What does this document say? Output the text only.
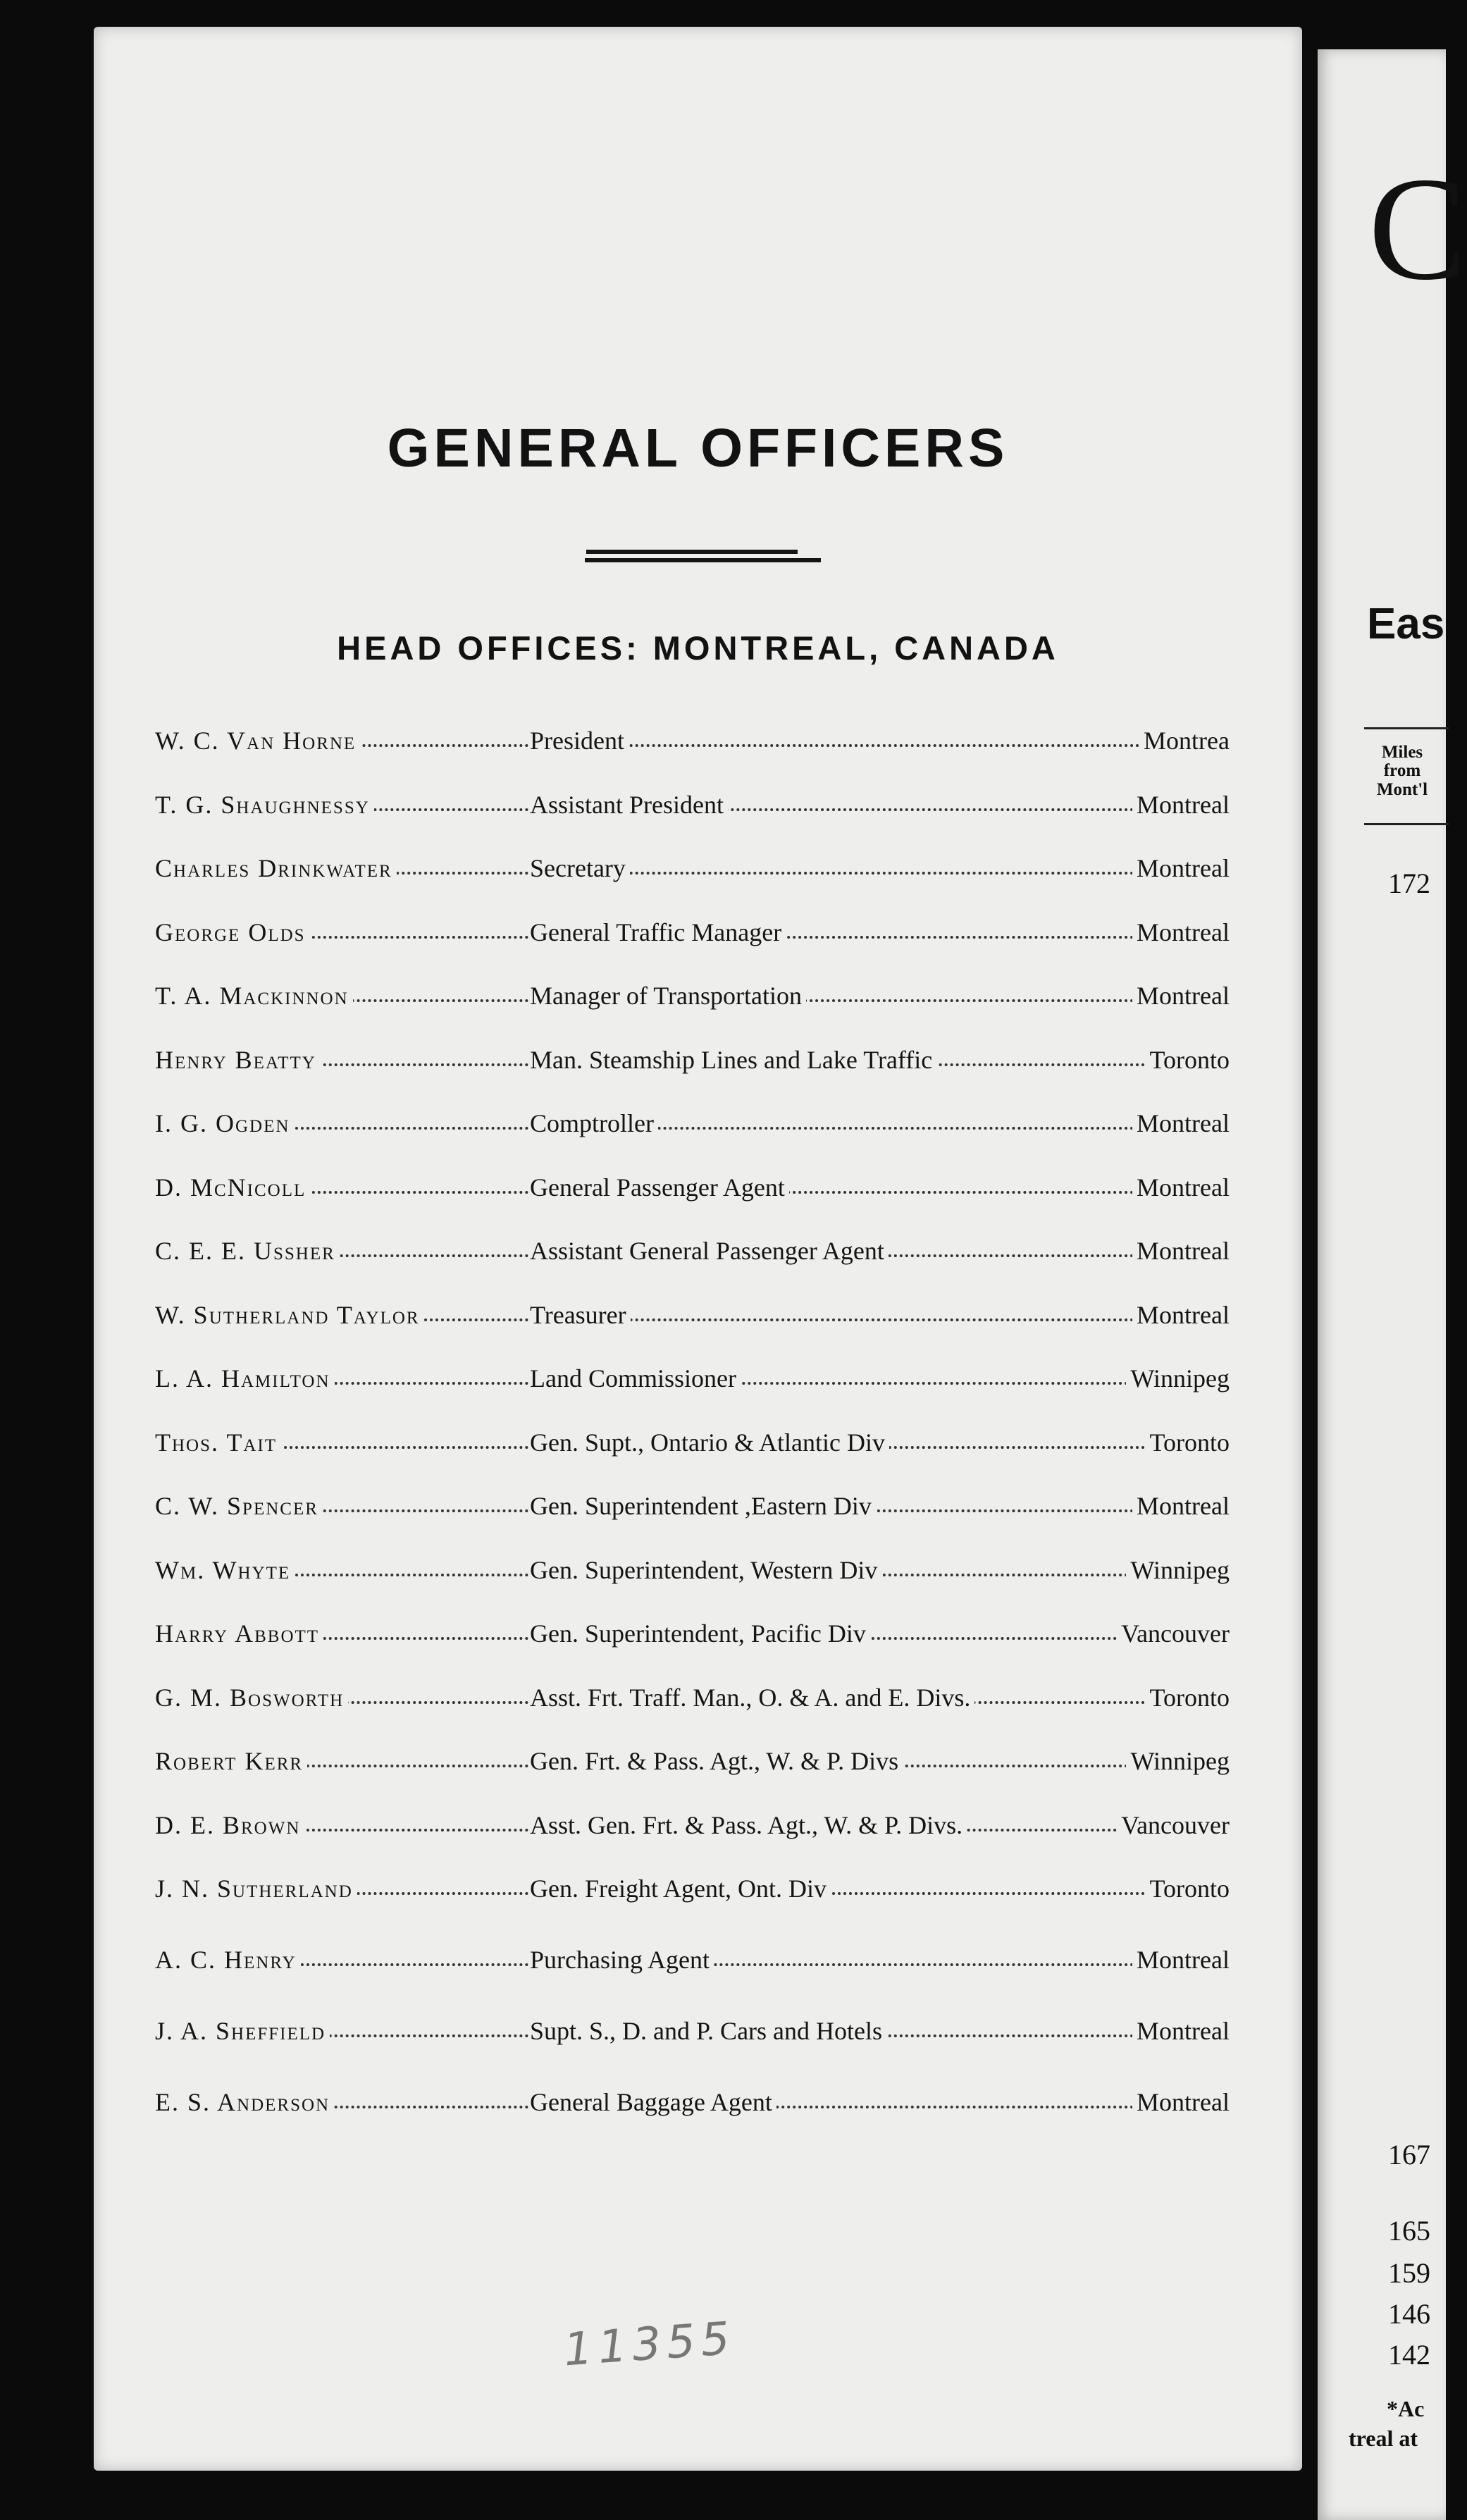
C
Eas
Miles
from
Mont'l
172
167
165
159
146
142
*Ac
treal at
GENERAL OFFICERS
HEAD OFFICES: MONTREAL, CANADA
W. C. Van Horne	President	Montrea
T. G. Shaughnessy	Assistant President	Montreal
Charles Drinkwater	Secretary	Montreal
George Olds	General Traffic Manager	Montreal
T. A. Mackinnon	Manager of Transportation	Montreal
Henry Beatty	Man. Steamship Lines and Lake Traffic	Toronto
I. G. Ogden	Comptroller	Montreal
D. McNicoll	General Passenger Agent	Montreal
C. E. E. Ussher	Assistant General Passenger Agent	Montreal
W. Sutherland Taylor	Treasurer	Montreal
L. A. Hamilton	Land Commissioner	Winnipeg
Thos. Tait	Gen. Supt., Ontario & Atlantic Div	Toronto
C. W. Spencer	Gen. Superintendent ,Eastern Div	Montreal
Wm. Whyte	Gen. Superintendent, Western Div	Winnipeg
Harry Abbott	Gen. Superintendent, Pacific Div	Vancouver
G. M. Bosworth	Asst. Frt. Traff. Man., O. & A. and E. Divs.	Toronto
Robert Kerr	Gen. Frt. & Pass. Agt., W. & P. Divs	Winnipeg
D. E. Brown	Asst. Gen. Frt. & Pass. Agt., W. & P. Divs.	Vancouver
J. N. Sutherland	Gen. Freight Agent, Ont. Div	Toronto
A. C. Henry	Purchasing Agent	Montreal
J. A. Sheffield	Supt. S., D. and P. Cars and Hotels	Montreal
E. S. Anderson	General Baggage Agent	Montreal
11355
